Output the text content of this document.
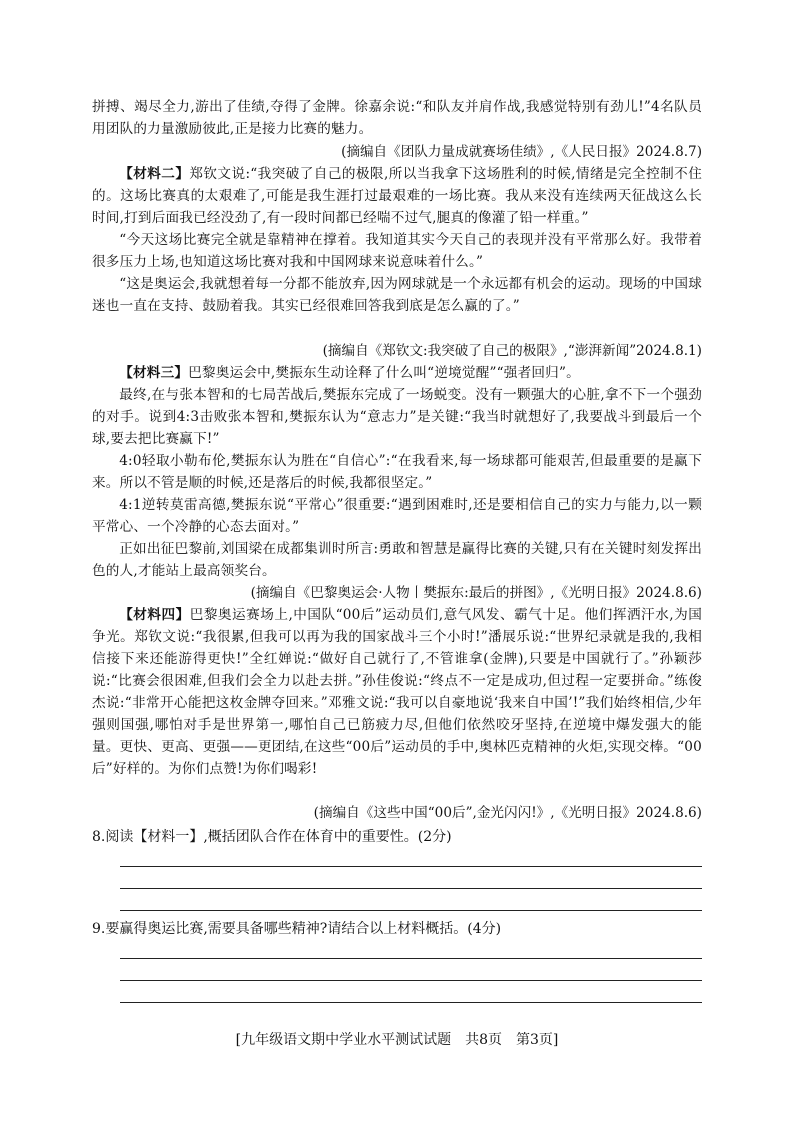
拼搏、竭尽全力,游出了佳绩,夺得了金牌。徐嘉余说:“和队友并肩作战,我感觉特别有劲儿!”4名队员用团队的力量激励彼此,正是接力比赛的魅力。

(摘编自《团队力量成就赛场佳绩》,《人民日报》2024.8.7)

【材料二】郑钦文说:“我突破了自己的极限,所以当我拿下这场胜利的时候,情绪是完全控制不住的。这场比赛真的太艰难了,可能是我生涯打过最艰难的一场比赛。我从来没有连续两天征战这么长时间,打到后面我已经没劲了,有一段时间都已经喘不过气,腿真的像灌了铅一样重。”

“今天这场比赛完全就是靠精神在撑着。我知道其实今天自己的表现并没有平常那么好。我带着很多压力上场,也知道这场比赛对我和中国网球来说意味着什么。”

“这是奥运会,我就想着每一分都不能放弃,因为网球就是一个永远都有机会的运动。现场的中国球迷也一直在支持、鼓励着我。其实已经很难回答我到底是怎么赢的了。”

(摘编自《郑钦文:我突破了自己的极限》,“澎湃新闻”2024.8.1)

【材料三】巴黎奥运会中,樊振东生动诠释了什么叫“逆境觉醒”“强者回归”。

最终,在与张本智和的七局苦战后,樊振东完成了一场蜕变。没有一颗强大的心脏,拿不下一个强劲的对手。说到4:3击败张本智和,樊振东认为“意志力”是关键:“我当时就想好了,我要战斗到最后一个球,要去把比赛赢下!”

4:0轻取小勒布伦,樊振东认为胜在“自信心”:“在我看来,每一场球都可能艰苦,但最重要的是赢下来。所以不管是顺的时候,还是落后的时候,我都很坚定。”

4:1逆转莫雷高德,樊振东说“平常心”很重要:“遇到困难时,还是要相信自己的实力与能力,以一颗平常心、一个冷静的心态去面对。”

正如出征巴黎前,刘国梁在成都集训时所言:勇敢和智慧是赢得比赛的关键,只有在关键时刻发挥出色的人,才能站上最高领奖台。

(摘编自《巴黎奥运会·人物丨樊振东:最后的拼图》,《光明日报》2024.8.6)

【材料四】巴黎奥运赛场上,中国队“00后”运动员们,意气风发、霸气十足。他们挥洒汗水,为国争光。郑钦文说:“我很累,但我可以再为我的国家战斗三个小时!”潘展乐说:“世界纪录就是我的,我相信接下来还能游得更快!”全红婵说:“做好自己就行了,不管谁拿(金牌),只要是中国就行了。”孙颖莎说:“比赛会很困难,但我们会全力以赴去拼。”孙佳俊说:“终点不一定是成功,但过程一定要拼命。”练俊杰说:“非常开心能把这枚金牌夺回来。”邓雅文说:“我可以自豪地说‘我来自中国’!”我们始终相信,少年强则国强,哪怕对手是世界第一,哪怕自己已筋疲力尽,但他们依然咬牙坚持,在逆境中爆发强大的能量。更快、更高、更强——更团结,在这些“00后”运动员的手中,奥林匹克精神的火炬,实现交棒。“00后”好样的。为你们点赞!为你们喝彩!

(摘编自《这些中国“00后”,金光闪闪!》,《光明日报》2024.8.6)
8.阅读【材料一】,概括团队合作在体育中的重要性。(2分)
9.要赢得奥运比赛,需要具备哪些精神?请结合以上材料概括。(4分)
[九年级语文期中学业水平测试试题　共8页　第3页]
